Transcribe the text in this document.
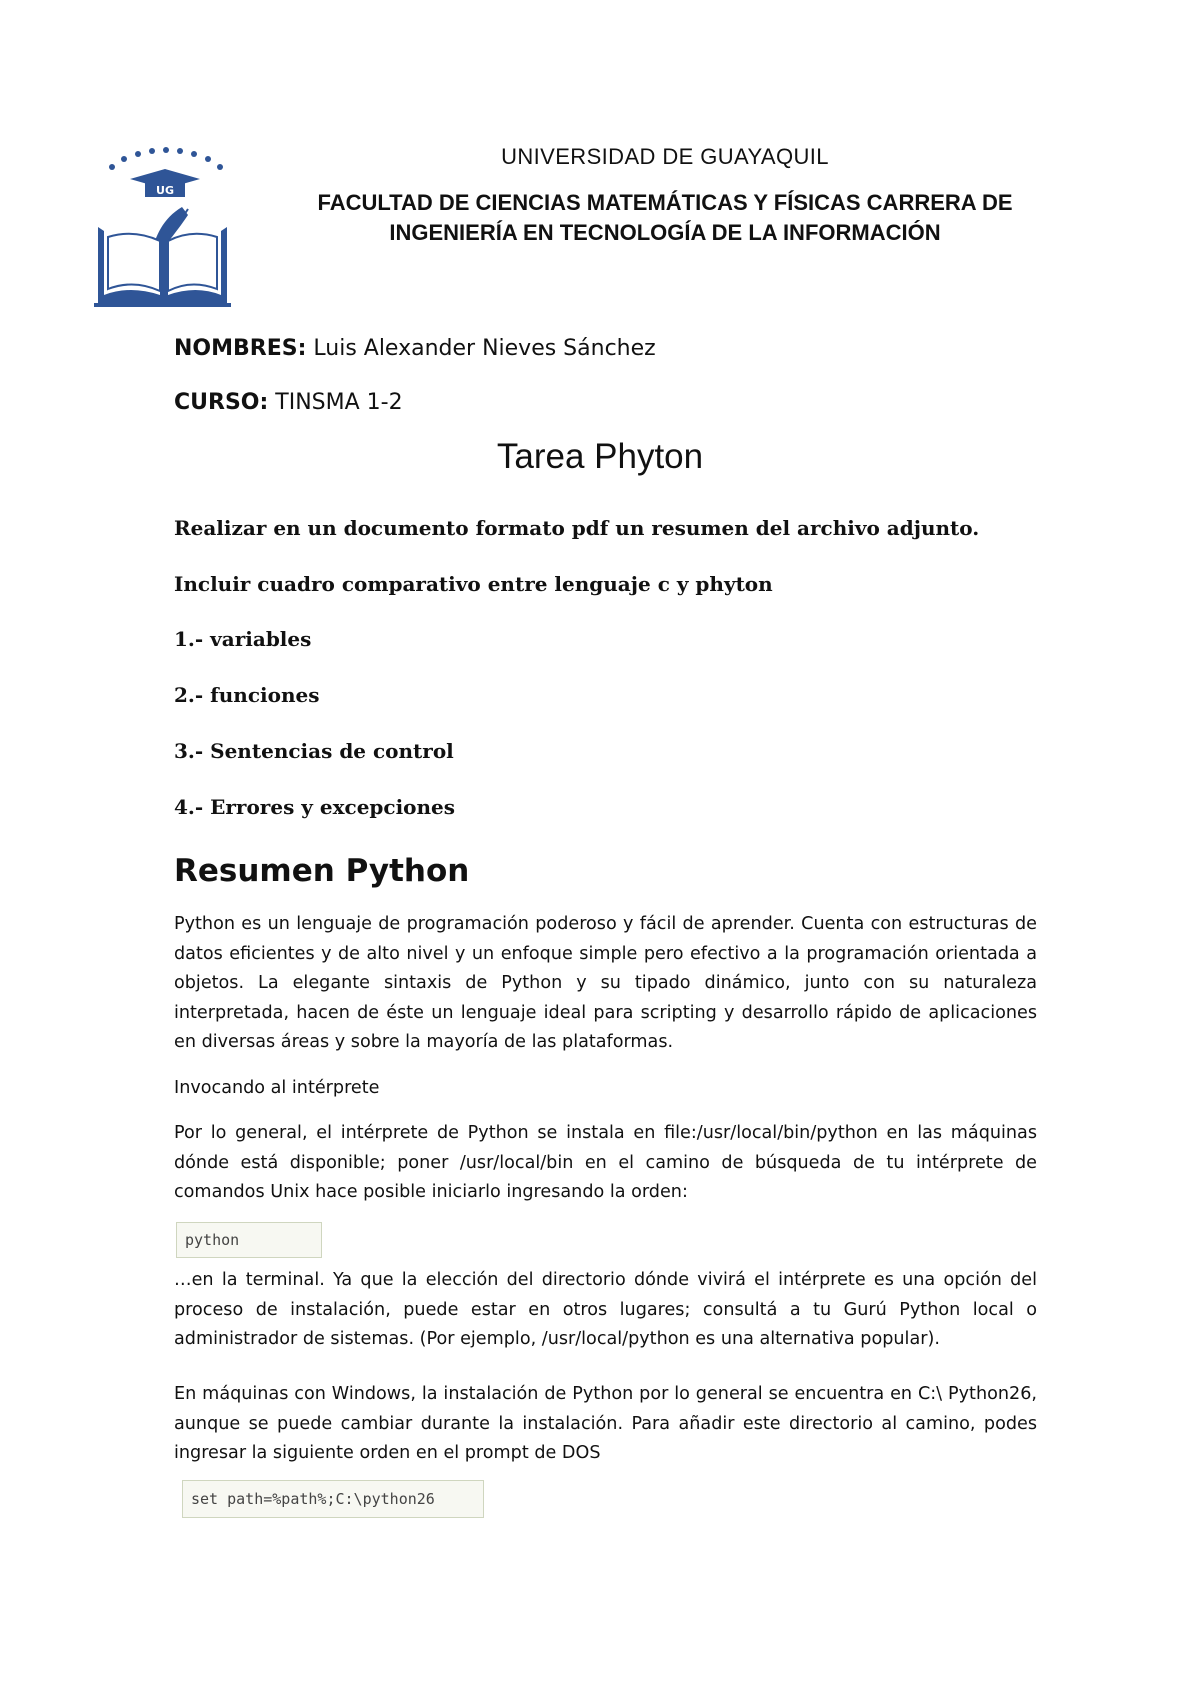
UG
UNIVERSIDAD DE GUAYAQUIL
FACULTAD DE CIENCIAS MATEMÁTICAS Y FÍSICAS CARRERA DE
INGENIERÍA EN TECNOLOGÍA DE LA INFORMACIÓN
NOMBRES: Luis Alexander Nieves Sánchez
CURSO: TINSMA 1-2
Tarea Phyton
Realizar en un documento formato pdf un resumen del archivo adjunto.
Incluir cuadro comparativo entre lenguaje c y phyton
1.- variables
2.- funciones
3.- Sentencias de control
4.- Errores y excepciones
Resumen Python
Python es un lenguaje de programación poderoso y fácil de aprender. Cuenta con estructuras de datos eficientes y de alto nivel y un enfoque simple pero efectivo a la programación orientada a objetos. La elegante sintaxis de Python y su tipado dinámico, junto con su naturaleza interpretada, hacen de éste un lenguaje ideal para scripting y desarrollo rápido de aplicaciones en diversas áreas y sobre la mayoría de las plataformas.
Invocando al intérprete
Por lo general, el intérprete de Python se instala en file:/usr/local/bin/python en las máquinas dónde está disponible; poner /usr/local/bin en el camino de búsqueda de tu intérprete de comandos Unix hace posible iniciarlo ingresando la orden:
python
…en la terminal. Ya que la elección del directorio dónde vivirá el intérprete es una opción del proceso de instalación, puede estar en otros lugares; consultá a tu Gurú Python local o administrador de sistemas. (Por ejemplo, /usr/local/python es una alternativa popular).
En máquinas con Windows, la instalación de Python por lo general se encuentra en C:\ Python26, aunque se puede cambiar durante la instalación. Para añadir este directorio al camino, podes ingresar la siguiente orden en el prompt de DOS
set path=%path%;C:\python26
